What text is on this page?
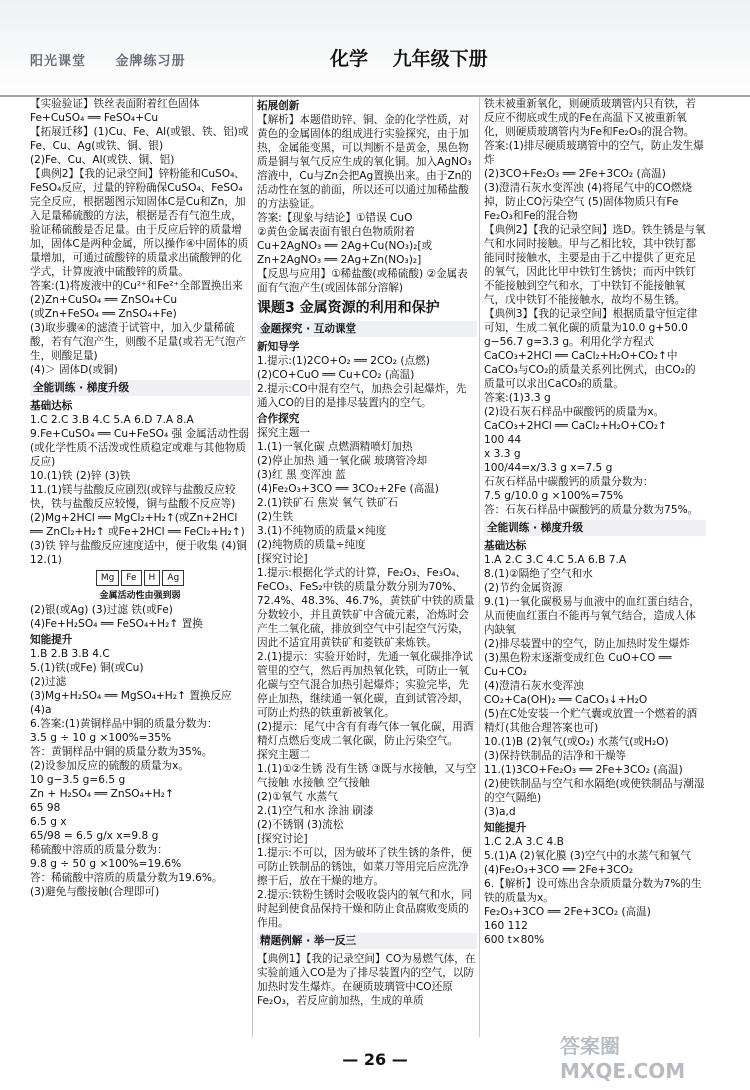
阳光课堂 金牌练习册	化学 九年级下册

【实验验证】铁丝表面附着红色固体

Fe+CuSO₄ ══ FeSO₄+Cu

【拓展迁移】(1)Cu、Fe、Al(或银、铁、铝)或Fe、Cu、Ag(或铁、铜、银)

(2)Fe、Cu、Al(或铁、铜、铝)

【典例2】【我的记录空间】锌粉能和CuSO₄、FeSO₄反应，过量的锌粉确保CuSO₄、FeSO₄完全反应，根据题图示知固体C是Cu和Zn，加入足量稀硫酸的方法，根据是否有气泡生成，验证稀硫酸是否足量。由于反应后锌的质量增加，固体C是两种金属，所以操作④中固体的质量增加，可通过硫酸锌的质量求出硫酸钾的化学式，计算废液中硫酸锌的质量。

答案:(1)将废液中的Cu²⁺和Fe²⁺全部置换出来

(2)Zn+CuSO₄ ══ ZnSO₄+Cu

(或Zn+FeSO₄ ══ ZnSO₄+Fe)

(3)取步骤④的滤渣于试管中，加入少量稀硫酸，若有气泡产生，则酸不足量(或若无气泡产生，则酸足量)

(4)＞ 固体D(或铜)

全能训练 · 梯度升级
基础达标

1.C 2.C 3.B 4.C 5.A 6.D 7.A 8.A

9.Fe+CuSO₄ ══ Cu+FeSO₄ 强 金属活动性弱(或化学性质不活泼或性质稳定或难与其他物质反应)

10.(1)铁 (2)锌 (3)铁

11.(1)镁与盐酸反应剧烈(或锌与盐酸反应较快，铁与盐酸反应较慢，铜与盐酸不反应等) (2)Mg+2HCl ══ MgCl₂+H₂↑(或Zn+2HCl ══ ZnCl₂+H₂↑ 或Fe+2HCl ══ FeCl₂+H₂↑) (3)铁 锌与盐酸反应速度适中，便于收集 (4)铜

12.(1)

Mg	Fe	H	Ag
金属活动性由强到弱

(2)银(或Ag) (3)过滤 铁(或Fe)

(4)Fe+H₂SO₄ ══ FeSO₄+H₂↑ 置换

知能提升

1.B 2.B 3.B 4.C

5.(1)铁(或Fe) 铜(或Cu)

(2)过滤

(3)Mg+H₂SO₄ ══ MgSO₄+H₂↑ 置换反应 (4)a

6.答案:(1)黄铜样品中铜的质量分数为：

3.5 g ÷ 10 g ×100%=35%

答：黄铜样品中铜的质量分数为35%。

(2)设参加反应的硫酸的质量为x。

10 g−3.5 g=6.5 g

Zn + H₂SO₄ ══ ZnSO₄+H₂↑

65 98

6.5 g x

65/98 = 6.5 g/x x=9.8 g

稀硫酸中溶质的质量分数为：

9.8 g ÷ 50 g ×100%=19.6%

答：稀硫酸中溶质的质量分数为19.6%。

(3)避免与酸接触(合理即可)

拓展创新

【解析】本题借助锌、铜、金的化学性质，对黄色的金属固体的组成进行实验探究，由于加热，金属能变黑，可以判断不是黄金，黑色物质是铜与氧气反应生成的氧化铜。加入AgNO₃溶液中，Cu与Zn会把Ag置换出来。由于Zn的活动性在氢的前面，所以还可以通过加稀盐酸的方法验证。

答案:【现象与结论】①错误 CuO

②黄色金属表面有银白色物质附着 Cu+2AgNO₃ ══ 2Ag+Cu(NO₃)₂[或Zn+2AgNO₃ ══ 2Ag+Zn(NO₃)₂]

【反思与应用】①稀盐酸(或稀硫酸) ②金属表面有气泡产生(或固体部分溶解)

课题3 金属资源的利用和保护
金题探究 · 互动课堂
新知导学

1.提示:(1)2CO+O₂ ══ 2CO₂ (点燃)

(2)CO+CuO ══ Cu+CO₂ (高温)

2.提示:CO中混有空气，加热会引起爆炸，先通入CO的目的是排尽装置内的空气。

合作探究

探究主题一

1.(1)一氧化碳 点燃酒精喷灯加热

(2)停止加热 通一氧化碳 玻璃管冷却

(3)红 黑 变浑浊 蓝

(4)Fe₂O₃+3CO ══ 3CO₂+2Fe (高温)

2.(1)铁矿石 焦炭 氧气 铁矿石

(2)生铁

3.(1)不纯物质的质量×纯度

(2)纯物质的质量÷纯度

[探究讨论]

1.提示:根据化学式的计算，Fe₂O₃、Fe₃O₄、FeCO₃、FeS₂中铁的质量分数分别为70%、72.4%、48.3%、46.7%，黄铁矿中铁的质量分数较小，并且黄铁矿中含硫元素，冶炼时会产生二氧化硫，排放到空气中引起空气污染，因此不适宜用黄铁矿和菱铁矿来炼铁。

2.(1)提示：实验开始时，先通一氧化碳排净试管里的空气，然后再加热氧化铁，可防止一氧化碳与空气混合加热引起爆炸；实验完毕，先停止加热，继续通一氧化碳，直到试管冷却，可防止灼热的铁重新被氧化。

(2)提示：尾气中含有有毒气体一氧化碳，用酒精灯点燃后变成二氧化碳，防止污染空气。

探究主题二

1.(1)①②生锈 没有生锈 ③既与水接触，又与空气接触 水接触 空气接触

(2)①氧气 水蒸气

2.(1)空气和水 涂油 刷漆

(2)不锈钢 (3)流松

[探究讨论]

1.提示:不可以，因为破坏了铁生锈的条件，便可防止铁制品的锈蚀，如菜刀等用完后应洗净擦干后，放在干燥的地方。

2.提示:铁粉生锈时会吸收袋内的氧气和水，同时起到使食品保持干燥和防止食品腐败变质的作用。

精题例解 · 举一反三

【典例1】【我的记录空间】CO为易燃气体，在实验前通入CO是为了排尽装置内的空气，以防加热时发生爆炸。在硬质玻璃管中CO还原Fe₂O₃，若反应前加热，生成的单质

铁未被重新氧化，则硬质玻璃管内只有铁，若反应不彻底或生成的Fe在高温下又被重新氧化，则硬质玻璃管内为Fe和Fe₂O₃的混合物。

答案:(1)排尽硬质玻璃管中的空气，防止发生爆炸

(2)3CO+Fe₂O₃ ══ 2Fe+3CO₂ (高温)

(3)澄清石灰水变浑浊 (4)将尾气中的CO燃烧掉，防止CO污染空气 (5)固体物质只有Fe Fe₂O₃和Fe的混合物

【典例2】【我的记录空间】选D。铁生锈是与氧气和水同时接触。甲与乙相比较，其中铁钉都能同时接触水，主要是由于乙中提供了更充足的氧气，因此比甲中铁钉生锈快；而丙中铁钉不能接触到空气和水，丁中铁钉不能接触氧气，戊中铁钉不能接触水，故均不易生锈。

【典例3】【我的记录空间】根据质量守恒定律可知，生成二氧化碳的质量为10.0 g+50.0 g−56.7 g=3.3 g。利用化学方程式CaCO₃+2HCl ══ CaCl₂+H₂O+CO₂↑中CaCO₃与CO₂的质量关系列比例式，由CO₂的质量可以求出CaCO₃的质量。

答案:(1)3.3 g

(2)设石灰石样品中碳酸钙的质量为x。

CaCO₃+2HCl ══ CaCl₂+H₂O+CO₂↑

100 44

x 3.3 g

100/44=x/3.3 g x=7.5 g

石灰石样品中碳酸钙的质量分数为：

7.5 g/10.0 g ×100%=75%

答：石灰石样品中碳酸钙的质量分数为75%。

全能训练 · 梯度升级
基础达标

1.A 2.C 3.C 4.C 5.A 6.B 7.A

8.(1)②隔绝了空气和水

(2)节约金属资源

9.(1)一氧化碳极易与血液中的血红蛋白结合，从而使血红蛋白不能再与氧气结合，造成人体内缺氧

(2)排尽装置中的空气，防止加热时发生爆炸

(3)黑色粉末逐渐变成红色 CuO+CO ══ Cu+CO₂

(4)澄清石灰水变浑浊

CO₂+Ca(OH)₂ ══ CaCO₃↓+H₂O

(5)在C处安装一个贮气囊或放置一个燃着的酒精灯(其他合理答案也可)

10.(1)B (2)氧气(或O₂) 水蒸气(或H₂O)

(3)保持铁制品的洁净和干燥等

11.(1)3CO+Fe₂O₃ ══ 2Fe+3CO₂ (高温)

(2)使铁制品与空气和水隔绝(或使铁制品与潮湿的空气隔绝)

(3)a,d

知能提升

1.C 2.A 3.C 4.B

5.(1)A (2)氧化膜 (3)空气中的水蒸气和氧气 (4)Fe₂O₃+3CO ══ 2Fe+3CO₂

6.【解析】设可炼出含杂质质量分数为7%的生铁的质量为x。

Fe₂O₃+3CO ══ 2Fe+3CO₂ (高温)

160 112

600 t×80%

— 26 —
答案圈 MXQE.COM
